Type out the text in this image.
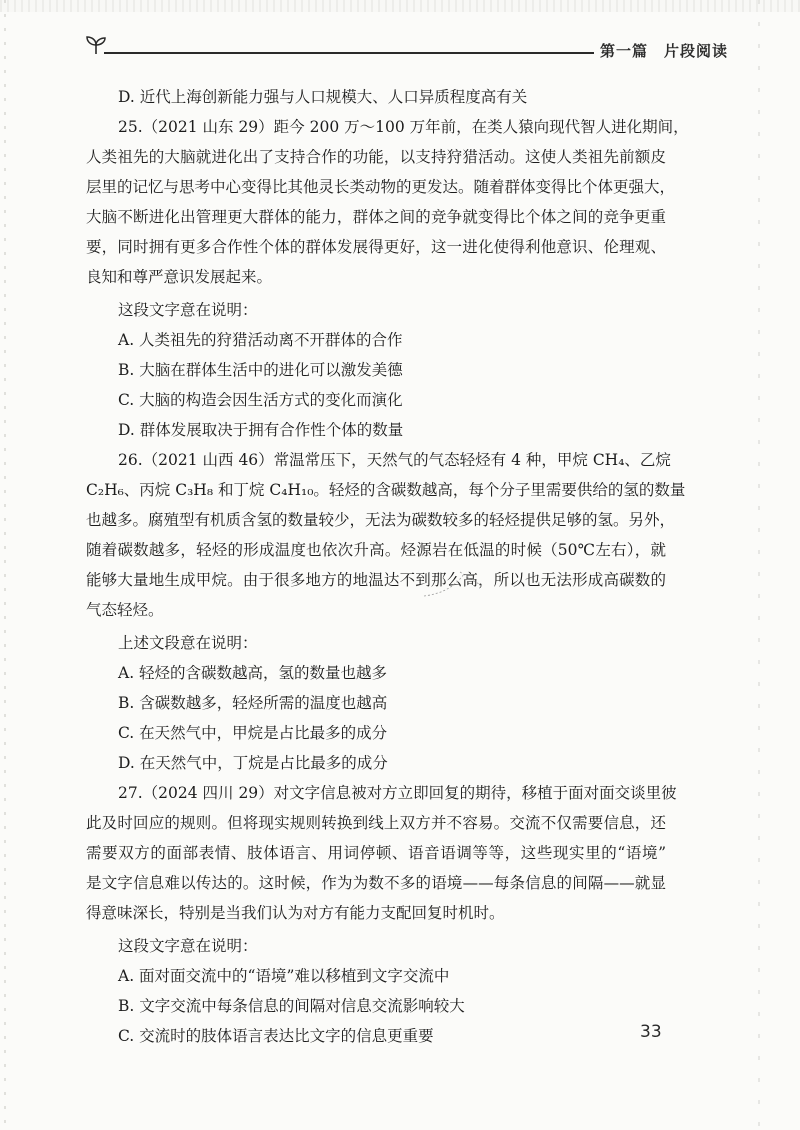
第一篇　片段阅读
D. 近代上海创新能力强与人口规模大、人口异质程度高有关
25.（2021 山东 29）距今 200 万～100 万年前，在类人猿向现代智人进化期间，
人类祖先的大脑就进化出了支持合作的功能，以支持狩猎活动。这使人类祖先前额皮
层里的记忆与思考中心变得比其他灵长类动物的更发达。随着群体变得比个体更强大，
大脑不断进化出管理更大群体的能力，群体之间的竞争就变得比个体之间的竞争更重
要，同时拥有更多合作性个体的群体发展得更好，这一进化使得利他意识、伦理观、
良知和尊严意识发展起来。
这段文字意在说明：
A. 人类祖先的狩猎活动离不开群体的合作
B. 大脑在群体生活中的进化可以激发美德
C. 大脑的构造会因生活方式的变化而演化
D. 群体发展取决于拥有合作性个体的数量
26.（2021 山西 46）常温常压下，天然气的气态轻烃有 4 种，甲烷 CH₄、乙烷
C₂H₆、丙烷 C₃H₈ 和丁烷 C₄H₁₀。轻烃的含碳数越高，每个分子里需要供给的氢的数量
也越多。腐殖型有机质含氢的数量较少，无法为碳数较多的轻烃提供足够的氢。另外，
随着碳数越多，轻烃的形成温度也依次升高。烃源岩在低温的时候（50℃左右），就
能够大量地生成甲烷。由于很多地方的地温达不到那么高，所以也无法形成高碳数的
气态轻烃。
上述文段意在说明：
A. 轻烃的含碳数越高，氢的数量也越多
B. 含碳数越多，轻烃所需的温度也越高
C. 在天然气中，甲烷是占比最多的成分
D. 在天然气中，丁烷是占比最多的成分
27.（2024 四川 29）对文字信息被对方立即回复的期待，移植于面对面交谈里彼
此及时回应的规则。但将现实规则转换到线上双方并不容易。交流不仅需要信息，还
需要双方的面部表情、肢体语言、用词停顿、语音语调等等，这些现实里的“语境”
是文字信息难以传达的。这时候，作为为数不多的语境——每条信息的间隔——就显
得意味深长，特别是当我们认为对方有能力支配回复时机时。
这段文字意在说明：
A. 面对面交流中的“语境”难以移植到文字交流中
B. 文字交流中每条信息的间隔对信息交流影响较大
C. 交流时的肢体语言表达比文字的信息更重要	33
